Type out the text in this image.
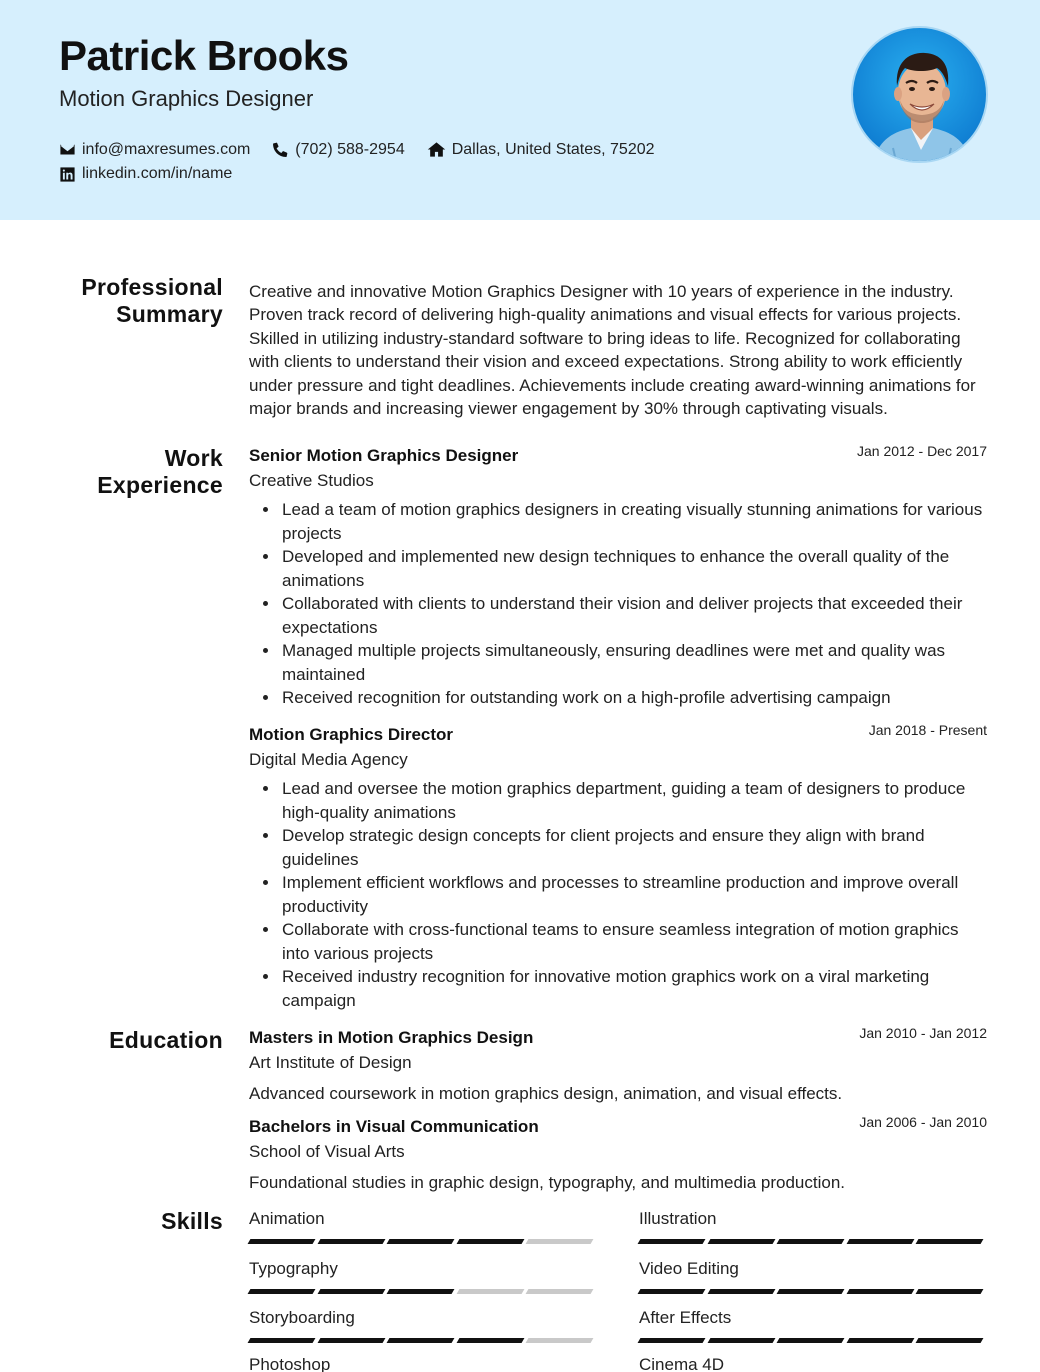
Patrick Brooks
Motion Graphics Designer
info@maxresumes.com	(702) 588-2954	Dallas, United States, 75202
linkedin.com/in/name
Professional
Summary
Creative and innovative Motion Graphics Designer with 10 years of experience in the industry. Proven track record of delivering high-quality animations and visual effects for various projects. Skilled in utilizing industry-standard software to bring ideas to life. Recognized for collaborating with clients to understand their vision and exceed expectations. Strong ability to work efficiently under pressure and tight deadlines. Achievements include creating award-winning animations for major brands and increasing viewer engagement by 30% through captivating visuals.
Work
Experience
Senior Motion Graphics Designer	Jan 2012 - Dec 2017
Creative Studios
Lead a team of motion graphics designers in creating visually stunning animations for various projects
Developed and implemented new design techniques to enhance the overall quality of the animations
Collaborated with clients to understand their vision and deliver projects that exceeded their expectations
Managed multiple projects simultaneously, ensuring deadlines were met and quality was maintained
Received recognition for outstanding work on a high-profile advertising campaign
Motion Graphics Director	Jan 2018 - Present
Digital Media Agency
Lead and oversee the motion graphics department, guiding a team of designers to produce high-quality animations
Develop strategic design concepts for client projects and ensure they align with brand guidelines
Implement efficient workflows and processes to streamline production and improve overall productivity
Collaborate with cross-functional teams to ensure seamless integration of motion graphics into various projects
Received industry recognition for innovative motion graphics work on a viral marketing campaign
Education Masters in Motion Graphics Design	Jan 2010 - Jan 2012
Art Institute of Design
Advanced coursework in motion graphics design, animation, and visual effects.
Bachelors in Visual Communication	Jan 2006 - Jan 2010
School of Visual Arts
Foundational studies in graphic design, typography, and multimedia production.
Skills Animation	Illustration
Typography	Video Editing
Storyboarding	After Effects
Photoshop	Cinema 4D
